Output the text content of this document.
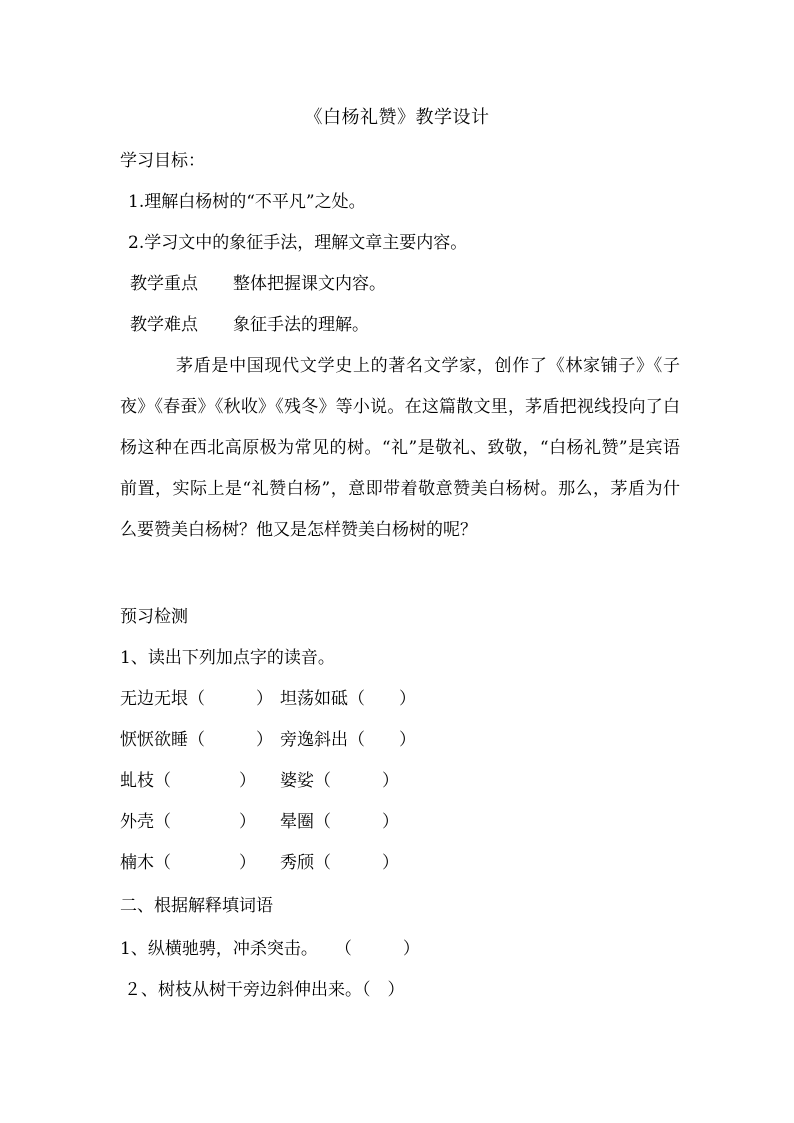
《白杨礼赞》教学设计
学习目标：
1.理解白杨树的“不平凡”之处。
2.学习文中的象征手法，理解文章主要内容。
教学重点 整体把握课文内容。
教学难点 象征手法的理解。
茅盾是中国现代文学史上的著名文学家，创作了《林家铺子》《子夜》《春蚕》《秋收》《残冬》等小说。在这篇散文里，茅盾把视线投向了白杨这种在西北高原极为常见的树。“礼”是敬礼、致敬，“白杨礼赞”是宾语前置，实际上是“礼赞白杨”，意即带着敬意赞美白杨树。那么，茅盾为什么要赞美白杨树？他又是怎样赞美白杨树的呢？
预习检测
1、读出下列加点字的读音。
无边无垠（　　　） 坦荡如砥（　　）
恹恹欲睡（　　　） 旁逸斜出（　　）
虬枝（　　　　） 婆娑（　　　）
外壳（　　　　） 晕圈（　　　）
楠木（　　　　） 秀颀（　　　）
二、根据解释填词语
1、纵横驰骋，冲杀突击。　　（　　　）
２、树枝从树干旁边斜伸出来。（　）
